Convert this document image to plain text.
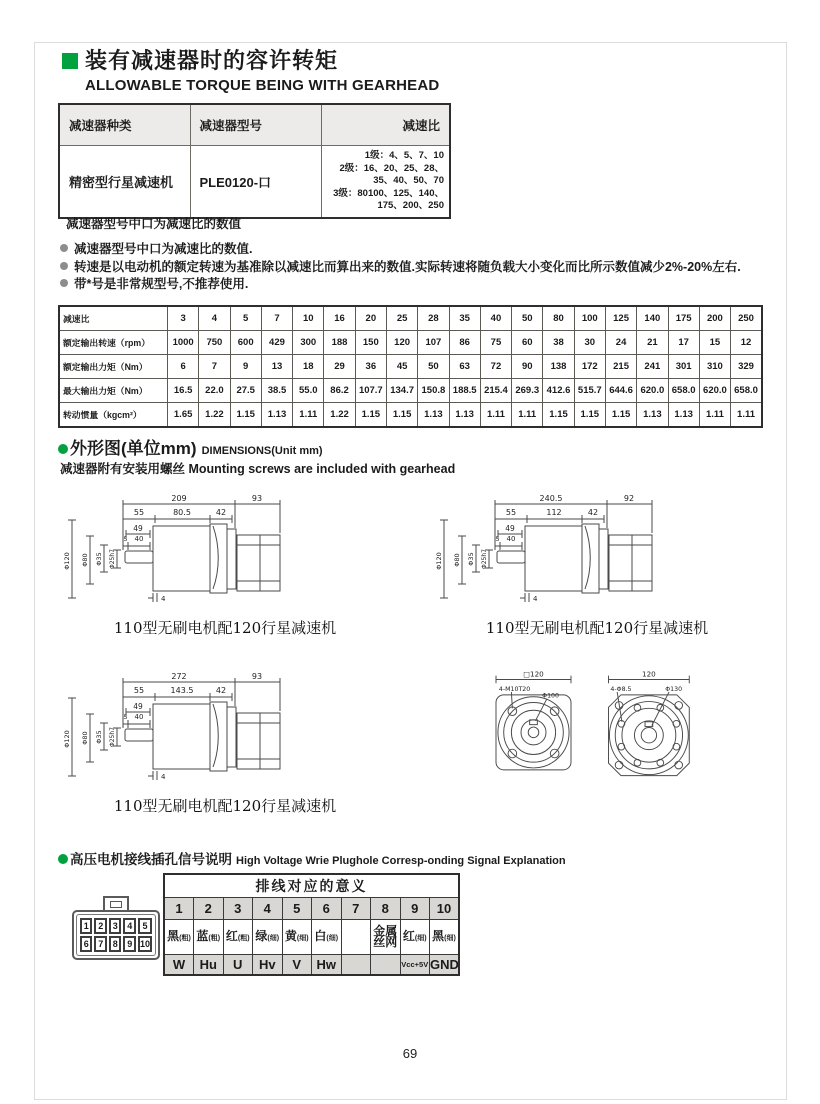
装有减速器时的容许转矩
ALLOWABLE TORQUE BEING WITH GEARHEAD
减速器种类	减速器型号	减速比
精密型行星减速机	PLE0120-口	1级：4、5、7、10
2级：16、20、25、28、
35、40、50、70
3级：80100、125、140、
175、200、250
减速器型号中口为减速比的数值
减速器型号中口为减速比的数值.
转速是以电动机的额定转速为基准除以减速比而算出来的数值.实际转速将随负载大小变化而比所示数值减少2%-20%左右.
带*号是非常规型号,不推荐使用.
减速比	3	4	5	7	10	16	20	25	28	35	40	50	80	100	125	140	175	200	250
额定输出转速（rpm）	1000	750	600	429	300	188	150	120	107	86	75	60	38	30	24	21	17	15	12
额定输出力矩（Nm）	6	7	9	13	18	29	36	45	50	63	72	90	138	172	215	241	301	310	329
最大输出力矩（Nm）	16.5	22.0	27.5	38.5	55.0	86.2	107.7	134.7	150.8	188.5	215.4	269.3	412.6	515.7	644.6	620.0	658.0	620.0	658.0
转动惯量（kgcm²）	1.65	1.22	1.15	1.13	1.11	1.22	1.15	1.15	1.13	1.13	1.11	1.11	1.15	1.15	1.15	1.13	1.13	1.11	1.11
外形图(单位mm) DIMENSIONS(Unit mm)
减速器附有安装用螺丝 Mounting screws are included with gearhead
209	93
55	80.5	42
49
5 40
4
Φ120 Φ80 Φ35 Φ25h7
110型无刷电机配120行星减速机
240.5	92
55	112	42
49
5 40
4
Φ120 Φ80 Φ35 Φ25h7
110型无刷电机配120行星减速机
272	93
55	143.5	42
49
5 40
4
Φ120 Φ80 Φ35 Φ25h7
110型无刷电机配120行星减速机
□120
4-M10T20
Φ100
120
4-Φ8.5	Φ130
高压电机接线插孔信号说明 High Voltage Wrie Plughole Corresp-onding Signal Explanation
1	2	3	4	5
6	7	8	9 10
排线对应的意义									
1	2	3	4	5	6	7	8	9	10
黑(粗)	蓝(粗)	红(粗)	绿(细)	黄(细)	白(细)		金属丝网	红(细)	黑(细)
W	Hu	U	Hv	V	Hw			Vcc+5V	GND
69
